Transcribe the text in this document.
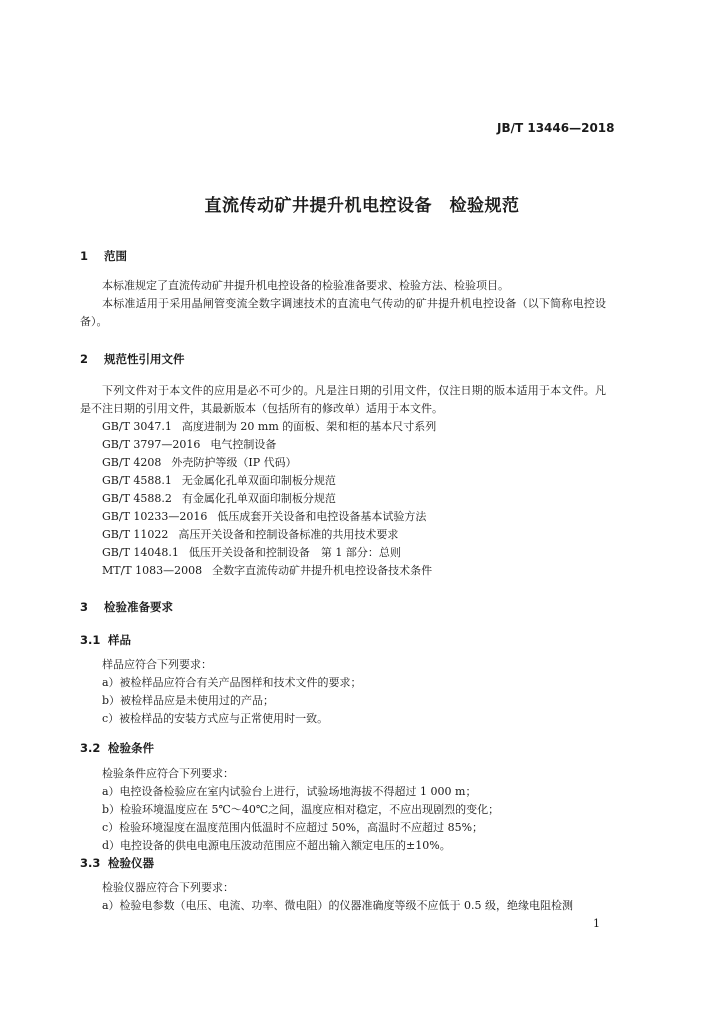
JB/T 13446—2018
直流传动矿井提升机电控设备　检验规范
1 范围
本标准规定了直流传动矿井提升机电控设备的检验准备要求、检验方法、检验项目。
本标准适用于采用晶闸管变流全数字调速技术的直流电气传动的矿井提升机电控设备（以下简称电控设备）。
2 规范性引用文件
下列文件对于本文件的应用是必不可少的。凡是注日期的引用文件，仅注日期的版本适用于本文件。凡是不注日期的引用文件，其最新版本（包括所有的修改单）适用于本文件。
GB/T 3047.1 高度进制为 20 mm 的面板、架和柜的基本尺寸系列
GB/T 3797—2016 电气控制设备
GB/T 4208 外壳防护等级（IP 代码）
GB/T 4588.1 无金属化孔单双面印制板分规范
GB/T 4588.2 有金属化孔单双面印制板分规范
GB/T 10233—2016 低压成套开关设备和电控设备基本试验方法
GB/T 11022 高压开关设备和控制设备标准的共用技术要求
GB/T 14048.1 低压开关设备和控制设备　第 1 部分：总则
MT/T 1083—2008 全数字直流传动矿井提升机电控设备技术条件
3 检验准备要求
3.1 样品
样品应符合下列要求：
a）被检样品应符合有关产品图样和技术文件的要求；
b）被检样品应是未使用过的产品；
c）被检样品的安装方式应与正常使用时一致。
3.2 检验条件
检验条件应符合下列要求：
a）电控设备检验应在室内试验台上进行，试验场地海拔不得超过 1 000 m；
b）检验环境温度应在 5℃～40℃之间，温度应相对稳定，不应出现剧烈的变化；
c）检验环境湿度在温度范围内低温时不应超过 50%，高温时不应超过 85%；
d）电控设备的供电电源电压波动范围应不超出输入额定电压的±10%。
3.3 检验仪器
检验仪器应符合下列要求：
a）检验电参数（电压、电流、功率、微电阻）的仪器准确度等级不应低于 0.5 级，绝缘电阻检测
1
